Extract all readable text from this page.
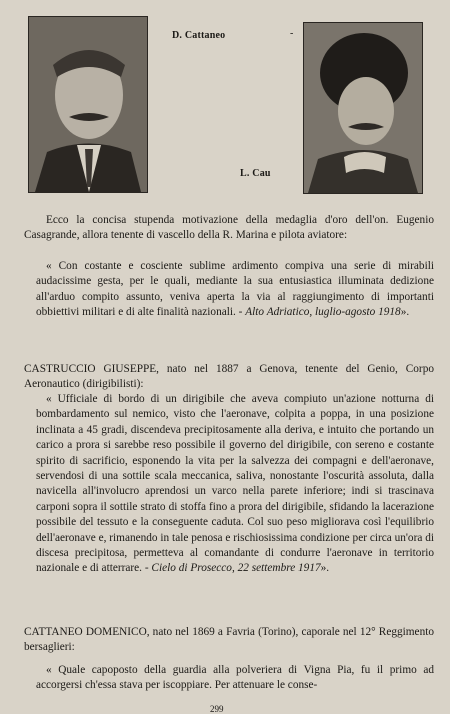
D. Cattaneo	-
L. Cau

Ecco la concisa stupenda motivazione della medaglia d'oro dell'on. Eugenio Casagrande, allora tenente di vascello della R. Marina e pilota aviatore:

« Con costante e cosciente sublime ardimento compiva una serie di mirabili audacissime gesta, per le quali, mediante la sua entusiastica illuminata dedizione all'arduo compito assunto, veniva aperta la via al raggiungimento di importanti obbiettivi militari e di alte finalità nazionali. - Alto Adriatico, luglio-agosto 1918».

CASTRUCCIO GIUSEPPE, nato nel 1887 a Genova, tenente del Genio, Corpo Aeronautico (dirigibilisti):

« Ufficiale di bordo di un dirigibile che aveva compiuto un'azione notturna di bombardamento sul nemico, visto che l'aeronave, colpita a poppa, in una posizione inclinata a 45 gradi, discendeva precipitosamente alla deriva, e intuito che portando un carico a prora si sarebbe reso possibile il governo del dirigibile, con sereno e costante spirito di sacrificio, esponendo la vita per la salvezza dei compagni e dell'aeronave, servendosi di una sottile scala meccanica, saliva, nonostante l'oscurità assoluta, dalla navicella all'involucro aprendosi un varco nella parete inferiore; indi si trascinava carponi sopra il sottile strato di stoffa fino a prora del dirigibile, sfidando la lacerazione possibile del tessuto e la conseguente caduta. Col suo peso migliorava così l'equilibrio dell'aeronave e, rimanendo in tale penosa e rischiosissima condizione per circa un'ora di discesa precipitosa, permetteva al comandante di condurre l'aeronave in territorio nazionale e di atterrare. - Cielo di Prosecco, 22 settembre 1917».

CATTANEO DOMENICO, nato nel 1869 a Favria (Torino), caporale nel 12° Reggimento bersaglieri:

« Quale capoposto della guardia alla polveriera di Vigna Pia, fu il primo ad accorgersi ch'essa stava per iscoppiare. Per attenuare le conse-

299
